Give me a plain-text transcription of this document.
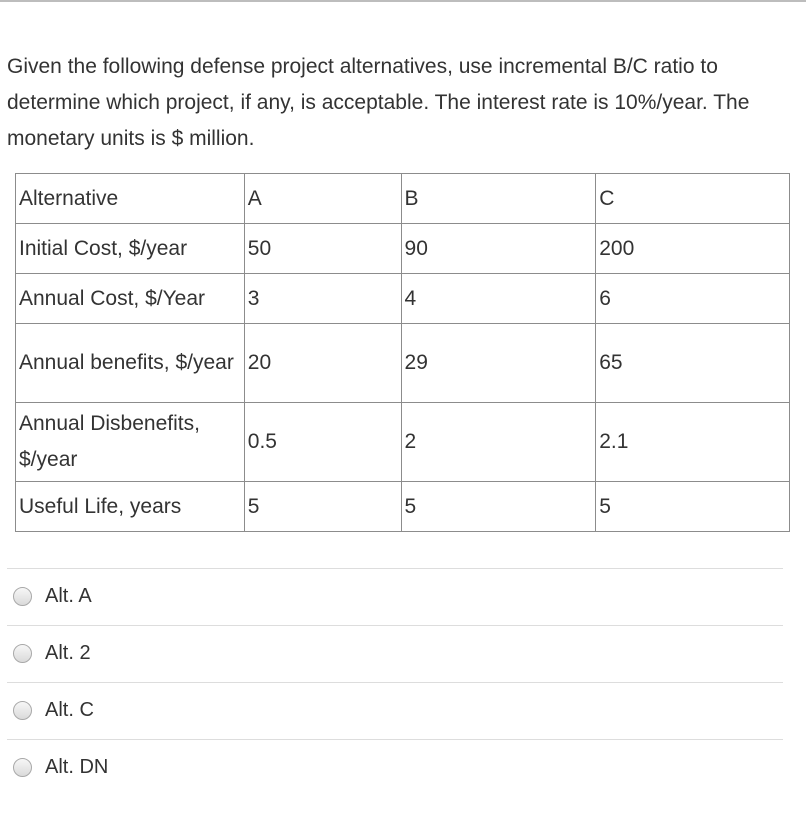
Given the following defense project alternatives, use incremental B/C ratio to determine which project, if any, is acceptable. The interest rate is 10%/year. The monetary units is $ million.

Alternative	A	B	C
Initial Cost, $/year	50	90	200
Annual Cost, $/Year	3	4	6
Annual benefits, $/year	20	29	65
Annual Disbenefits, $/year	0.5	2	2.1
Useful Life, years	5	5	5
Alt. A
Alt. 2
Alt. C
Alt. DN
